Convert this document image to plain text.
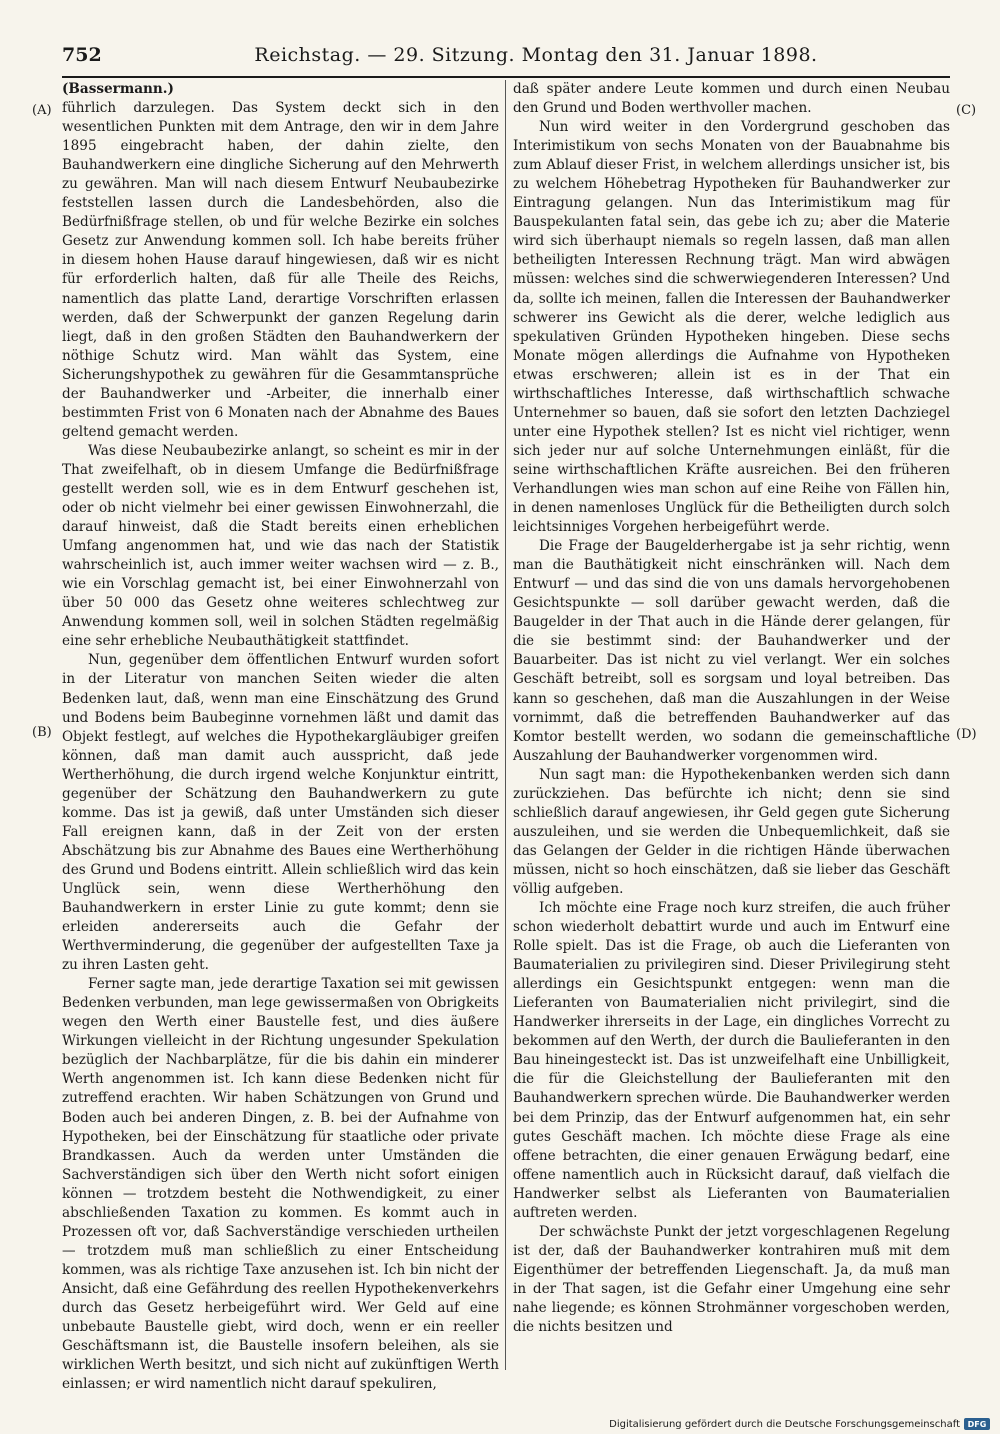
752	Reichstag. — 29. Sitzung. Montag den 31. Januar 1898.
(A)
(B)
(C)
(D)

(Bassermann.)

führlich darzulegen. Das System deckt sich in den wesentlichen Punkten mit dem Antrage, den wir in dem Jahre 1895 eingebracht haben, der dahin zielte, den Bauhandwerkern eine dingliche Sicherung auf den Mehrwerth zu gewähren. Man will nach diesem Entwurf Neubaubezirke feststellen lassen durch die Landesbehörden, also die Bedürfnißfrage stellen, ob und für welche Bezirke ein solches Gesetz zur Anwendung kommen soll. Ich habe bereits früher in diesem hohen Hause darauf hingewiesen, daß wir es nicht für erforderlich halten, daß für alle Theile des Reichs, namentlich das platte Land, derartige Vorschriften erlassen werden, daß der Schwerpunkt der ganzen Regelung darin liegt, daß in den großen Städten den Bauhandwerkern der nöthige Schutz wird. Man wählt das System, eine Sicherungshypothek zu gewähren für die Gesammtansprüche der Bauhandwerker und -Arbeiter, die innerhalb einer bestimmten Frist von 6 Monaten nach der Abnahme des Baues geltend gemacht werden.

Was diese Neubaubezirke anlangt, so scheint es mir in der That zweifelhaft, ob in diesem Umfange die Bedürfnißfrage gestellt werden soll, wie es in dem Entwurf geschehen ist, oder ob nicht vielmehr bei einer gewissen Einwohnerzahl, die darauf hinweist, daß die Stadt bereits einen erheblichen Umfang angenommen hat, und wie das nach der Statistik wahrscheinlich ist, auch immer weiter wachsen wird — z. B., wie ein Vorschlag gemacht ist, bei einer Einwohnerzahl von über 50 000 das Gesetz ohne weiteres schlechtweg zur Anwendung kommen soll, weil in solchen Städten regelmäßig eine sehr erhebliche Neubauthätigkeit stattfindet.

Nun, gegenüber dem öffentlichen Entwurf wurden sofort in der Literatur von manchen Seiten wieder die alten Bedenken laut, daß, wenn man eine Einschätzung des Grund und Bodens beim Baubeginne vornehmen läßt und damit das Objekt festlegt, auf welches die Hypothekargläubiger greifen können, daß man damit auch ausspricht, daß jede Wertherhöhung, die durch irgend welche Konjunktur eintritt, gegenüber der Schätzung den Bauhandwerkern zu gute komme. Das ist ja gewiß, daß unter Umständen sich dieser Fall ereignen kann, daß in der Zeit von der ersten Abschätzung bis zur Abnahme des Baues eine Wertherhöhung des Grund und Bodens eintritt. Allein schließlich wird das kein Unglück sein, wenn diese Wertherhöhung den Bauhandwerkern in erster Linie zu gute kommt; denn sie erleiden andererseits auch die Gefahr der Werthverminderung, die gegenüber der aufgestellten Taxe ja zu ihren Lasten geht.

Ferner sagte man, jede derartige Taxation sei mit gewissen Bedenken verbunden, man lege gewissermaßen von Obrigkeits wegen den Werth einer Baustelle fest, und dies äußere Wirkungen vielleicht in der Richtung ungesunder Spekulation bezüglich der Nachbarplätze, für die bis dahin ein minderer Werth angenommen ist. Ich kann diese Bedenken nicht für zutreffend erachten. Wir haben Schätzungen von Grund und Boden auch bei anderen Dingen, z. B. bei der Aufnahme von Hypotheken, bei der Einschätzung für staatliche oder private Brandkassen. Auch da werden unter Umständen die Sachverständigen sich über den Werth nicht sofort einigen können — trotzdem besteht die Nothwendigkeit, zu einer abschließenden Taxation zu kommen. Es kommt auch in Prozessen oft vor, daß Sachverständige verschieden urtheilen — trotzdem muß man schließlich zu einer Entscheidung kommen, was als richtige Taxe anzusehen ist. Ich bin nicht der Ansicht, daß eine Gefährdung des reellen Hypothekenverkehrs durch das Gesetz herbeigeführt wird. Wer Geld auf eine unbebaute Baustelle giebt, wird doch, wenn er ein reeller Geschäftsmann ist, die Baustelle insofern beleihen, als sie wirklichen Werth besitzt, und sich nicht auf zukünftigen Werth einlassen; er wird namentlich nicht darauf spekuliren,

daß später andere Leute kommen und durch einen Neubau den Grund und Boden werthvoller machen.

Nun wird weiter in den Vordergrund geschoben das Interimistikum von sechs Monaten von der Bauabnahme bis zum Ablauf dieser Frist, in welchem allerdings unsicher ist, bis zu welchem Höhebetrag Hypotheken für Bauhandwerker zur Eintragung gelangen. Nun das Interimistikum mag für Bauspekulanten fatal sein, das gebe ich zu; aber die Materie wird sich überhaupt niemals so regeln lassen, daß man allen betheiligten Interessen Rechnung trägt. Man wird abwägen müssen: welches sind die schwerwiegenderen Interessen? Und da, sollte ich meinen, fallen die Interessen der Bauhandwerker schwerer ins Gewicht als die derer, welche lediglich aus spekulativen Gründen Hypotheken hingeben. Diese sechs Monate mögen allerdings die Aufnahme von Hypotheken etwas erschweren; allein ist es in der That ein wirthschaftliches Interesse, daß wirthschaftlich schwache Unternehmer so bauen, daß sie sofort den letzten Dachziegel unter eine Hypothek stellen? Ist es nicht viel richtiger, wenn sich jeder nur auf solche Unternehmungen einläßt, für die seine wirthschaftlichen Kräfte ausreichen. Bei den früheren Verhandlungen wies man schon auf eine Reihe von Fällen hin, in denen namenloses Unglück für die Betheiligten durch solch leichtsinniges Vorgehen herbeigeführt werde.

Die Frage der Baugelderhergabe ist ja sehr richtig, wenn man die Bauthätigkeit nicht einschränken will. Nach dem Entwurf — und das sind die von uns damals hervorgehobenen Gesichtspunkte — soll darüber gewacht werden, daß die Baugelder in der That auch in die Hände derer gelangen, für die sie bestimmt sind: der Bauhandwerker und der Bauarbeiter. Das ist nicht zu viel verlangt. Wer ein solches Geschäft betreibt, soll es sorgsam und loyal betreiben. Das kann so geschehen, daß man die Auszahlungen in der Weise vornimmt, daß die betreffenden Bauhandwerker auf das Komtor bestellt werden, wo sodann die gemeinschaftliche Auszahlung der Bauhandwerker vorgenommen wird.

Nun sagt man: die Hypothekenbanken werden sich dann zurückziehen. Das befürchte ich nicht; denn sie sind schließlich darauf angewiesen, ihr Geld gegen gute Sicherung auszuleihen, und sie werden die Unbequemlichkeit, daß sie das Gelangen der Gelder in die richtigen Hände überwachen müssen, nicht so hoch einschätzen, daß sie lieber das Geschäft völlig aufgeben.

Ich möchte eine Frage noch kurz streifen, die auch früher schon wiederholt debattirt wurde und auch im Entwurf eine Rolle spielt. Das ist die Frage, ob auch die Lieferanten von Baumaterialien zu privilegiren sind. Dieser Privilegirung steht allerdings ein Gesichtspunkt entgegen: wenn man die Lieferanten von Baumaterialien nicht privilegirt, sind die Handwerker ihrerseits in der Lage, ein dingliches Vorrecht zu bekommen auf den Werth, der durch die Baulieferanten in den Bau hineingesteckt ist. Das ist unzweifelhaft eine Unbilligkeit, die für die Gleichstellung der Baulieferanten mit den Bauhandwerkern sprechen würde. Die Bauhandwerker werden bei dem Prinzip, das der Entwurf aufgenommen hat, ein sehr gutes Geschäft machen. Ich möchte diese Frage als eine offene betrachten, die einer genauen Erwägung bedarf, eine offene namentlich auch in Rücksicht darauf, daß vielfach die Handwerker selbst als Lieferanten von Baumaterialien auftreten werden.

Der schwächste Punkt der jetzt vorgeschlagenen Regelung ist der, daß der Bauhandwerker kontrahiren muß mit dem Eigenthümer der betreffenden Liegenschaft. Ja, da muß man in der That sagen, ist die Gefahr einer Umgehung eine sehr nahe liegende; es können Strohmänner vorgeschoben werden, die nichts besitzen und

Digitalisierung gefördert durch die Deutsche Forschungsgemeinschaft DFG
